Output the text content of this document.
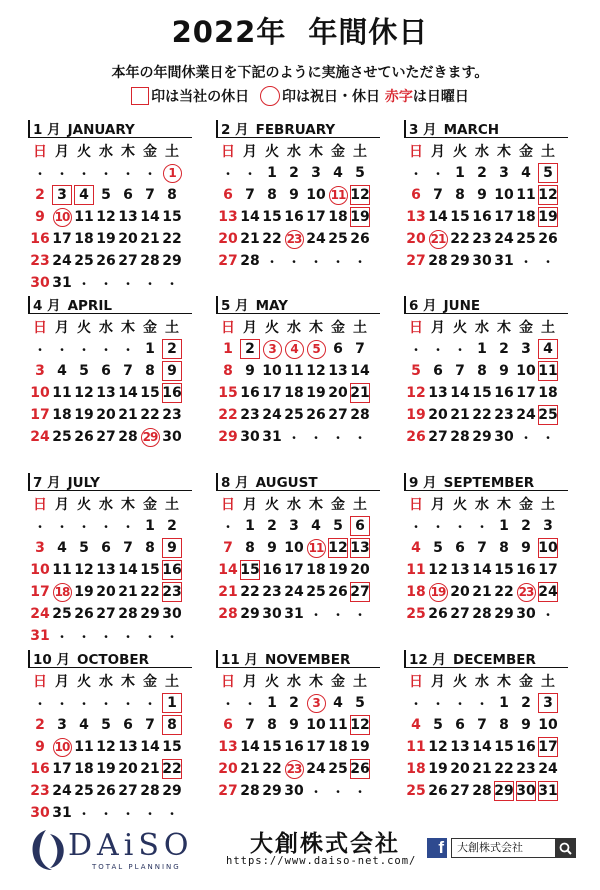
2022年 年間休日
本年の年間休業日を下記のように実施させていただきます。
印は当社の休日 印は祝日・休日 赤字は日曜日
1 月 JANUARY
日 月 火 水 木 金 土
・ ・ ・ ・ ・ ・	1
2 3 4 5 6 7 8
9 10 11 12 13 14 15
16 17 18 19 20 21 22
23 24 25 26 27 28 29
30 31 ・ ・ ・ ・ ・
2 月 FEBRUARY
日 月 火 水 木 金 土
・ ・ 1 2 3 4 5
6 7 8 9 10 11 12
13 14 15 16 17 18 19
20 21 22 23 24 25 26
27 28 ・ ・ ・ ・ ・
3 月 MARCH
日 月 火 水 木 金 土
・ ・ 1 2 3 4 5
6 7 8 9 10 11 12
13 14 15 16 17 18 19
20 21 22 23 24 25 26
27 28 29 30 31 ・ ・
4 月 APRIL
日 月 火 水 木 金 土
・ ・ ・ ・ ・ 1 2
3 4 5 6 7 8 9
10 11 12 13 14 15 16
17 18 19 20 21 22 23
24 25 26 27 28 29 30
5 月 MAY
日 月 火 水 木 金 土
1 2	3	4	5 6 7
8 9 10 11 12 13 14
15 16 17 18 19 20 21
22 23 24 25 26 27 28
29 30 31 ・ ・ ・ ・
6 月 JUNE
日 月 火 水 木 金 土
・ ・ ・ 1 2 3 4
5 6 7 8 9 10 11
12 13 14 15 16 17 18
19 20 21 22 23 24 25
26 27 28 29 30 ・ ・
7 月 JULY
日 月 火 水 木 金 土
・ ・ ・ ・ ・ 1 2
3 4 5 6 7 8 9
10 11 12 13 14 15 16
17 18 19 20 21 22 23
24 25 26 27 28 29 30
31 ・ ・ ・ ・ ・ ・
8 月 AUGUST
日 月 火 水 木 金 土
・ 1 2 3 4 5 6
7 8 9 10 11 12 13
14 15 16 17 18 19 20
21 22 23 24 25 26 27
28 29 30 31 ・ ・ ・
9 月 SEPTEMBER
日 月 火 水 木 金 土
・ ・ ・ ・ 1 2 3
4 5 6 7 8 9 10
11 12 13 14 15 16 17
18 19 20 21 22 23 24
25 26 27 28 29 30 ・
10 月 OCTOBER
日 月 火 水 木 金 土
・ ・ ・ ・ ・ ・ 1
2 3 4 5 6 7 8
9 10 11 12 13 14 15
16 17 18 19 20 21 22
23 24 25 26 27 28 29
30 31 ・ ・ ・ ・ ・
11 月 NOVEMBER
日 月 火 水 木 金 土
・ ・ 1 2	3 4 5
6 7 8 9 10 11 12
13 14 15 16 17 18 19
20 21 22 23 24 25 26
27 28 29 30 ・ ・ ・
12 月 DECEMBER
日 月 火 水 木 金 土
・ ・ ・ ・ 1 2 3
4 5 6 7 8 9 10
11 12 13 14 15 16 17
18 19 20 21 22 23 24
25 26 27 28 29 30 31
DAiSO
TOTAL PLANNING
大創株式会社
https://www.daiso-net.com/
f	大創株式会社
